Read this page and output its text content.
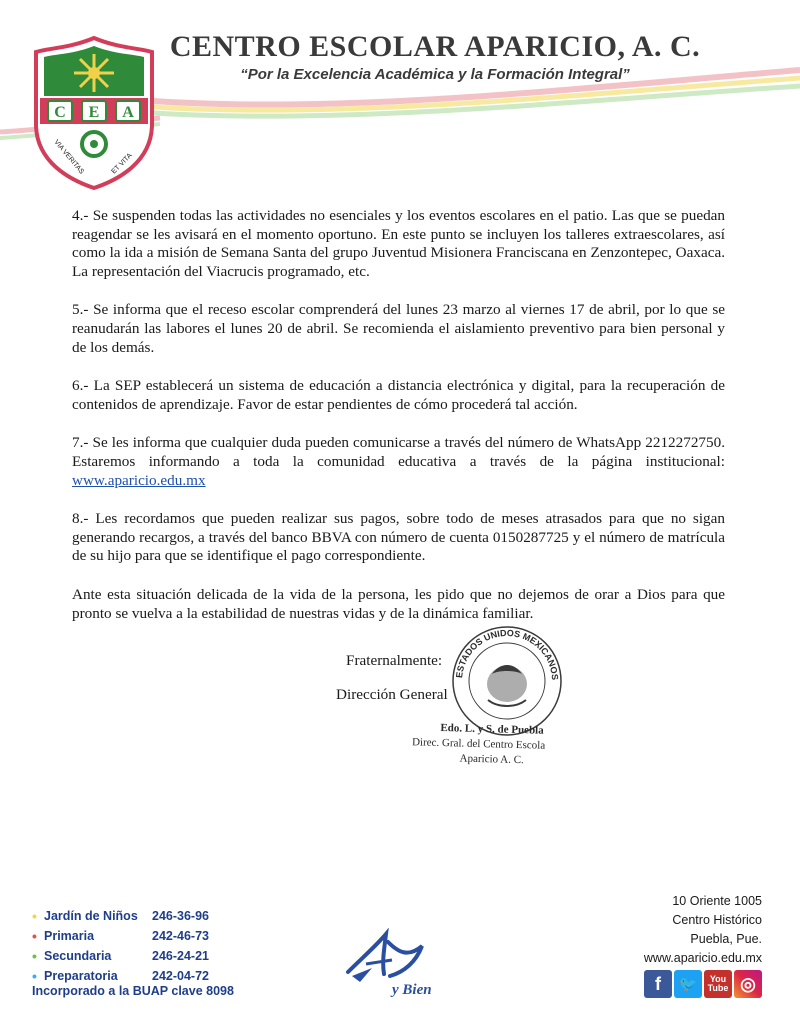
C E A
VIA VERITAS	ET VITA
CENTRO ESCOLAR APARICIO, A. C.
“Por la Excelencia Académica y la Formación Integral”

4.- Se suspenden todas las actividades no esenciales y los eventos escolares en el patio. Las que se puedan reagendar se les avisará en el momento oportuno. En este punto se incluyen los talleres extraescolares, así como la ida a misión de Semana Santa del grupo Juventud Misionera Franciscana en Zenzontepec, Oaxaca. La representación del Viacrucis programado, etc.

5.- Se informa que el receso escolar comprenderá del lunes 23 marzo al viernes 17 de abril, por lo que se reanudarán las labores el lunes 20 de abril. Se recomienda el aislamiento preventivo para bien personal y de los demás.

6.- La SEP establecerá un sistema de educación a distancia electrónica y digital, para la recuperación de contenidos de aprendizaje. Favor de estar pendientes de cómo procederá tal acción.

7.- Se les informa que cualquier duda pueden comunicarse a través del número de WhatsApp 2212272750. Estaremos informando a toda la comunidad educativa a través de la página institucional: www.aparicio.edu.mx

8.- Les recordamos que pueden realizar sus pagos, sobre todo de meses atrasados para que no sigan generando recargos, a través del banco BBVA con número de cuenta 0150287725 y el número de matrícula de su hijo para que se identifique el pago correspondiente.

Ante esta situación delicada de la vida de la persona, les pido que no dejemos de orar a Dios para que pronto se vuelva a la estabilidad de nuestras vidas y de la dinámica familiar.

Fraternalmente:
Dirección General
ESTADOS UNIDOS MEXICANOS
Edo. L. y S. de Puebla
Direc. Gral. del Centro Escola
Aparicio A. C.
• Jardín de Niños	246-36-96
• Primaria	242-46-73
• Secundaria	246-24-21
• Preparatoria	242-04-72
Incorporado a la BUAP clave 8098	y Bien
10 Oriente 1005
Centro Histórico
Puebla, Pue.
www.aparicio.edu.mx
f	🐦	You
Tube ◎
